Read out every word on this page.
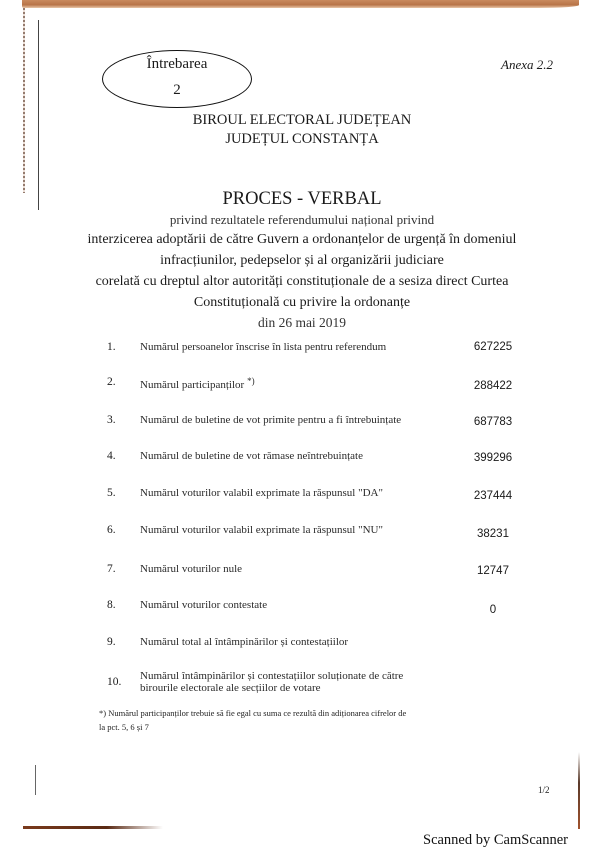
Întrebarea
2
Anexa 2.2
BIROUL ELECTORAL JUDEȚEAN
JUDEȚUL CONSTANȚA
PROCES - VERBAL
privind rezultatele referendumului național privind
interzicerea adoptării de către Guvern a ordonanțelor de urgență în domeniul
infracțiunilor, pedepselor și al organizării judiciare
corelată cu dreptul altor autorități constituționale de a sesiza direct Curtea
Constituțională cu privire la ordonanțe
din 26 mai 2019
1. Numărul persoanelor înscrise în lista pentru referendum	627225
2. Numărul participanților *)	288422
3. Numărul de buletine de vot primite pentru a fi întrebuințate	687783
4. Numărul de buletine de vot rămase neîntrebuințate	399296
5. Numărul voturilor valabil exprimate la răspunsul "DA"	237444
6. Numărul voturilor valabil exprimate la răspunsul "NU"	38231
7. Numărul voturilor nule	12747
8. Numărul voturilor contestate	0
9. Numărul total al întâmpinărilor și contestațiilor
10. Numărul întâmpinărilor și contestațiilor soluționate de către
birourile electorale ale secțiilor de votare
*) Numărul participanților trebuie să fie egal cu suma ce rezultă din adiționarea cifrelor de
la pct. 5, 6 și 7
1/2
Scanned by CamScanner
